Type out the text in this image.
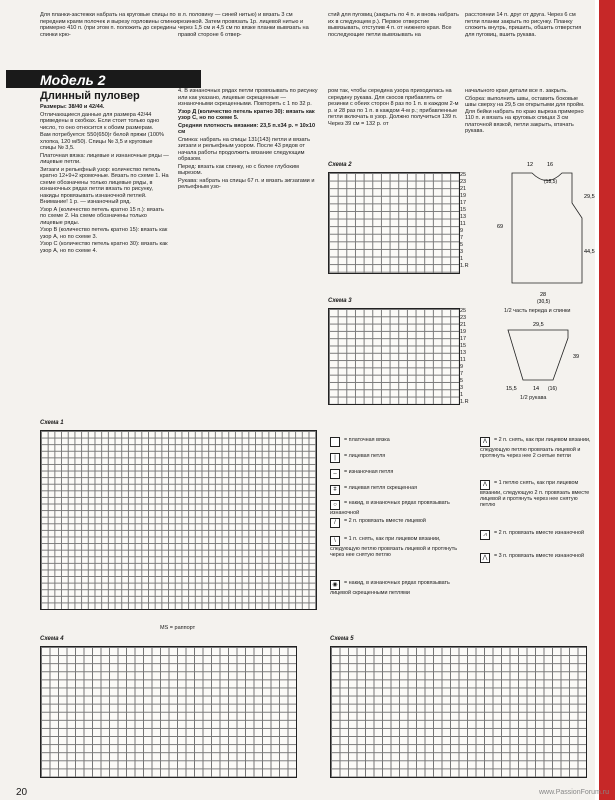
Для планки-застежки набрать на круговые спицы по передним краям полочек и вырезу горловины спинки примерно 410 п. (при этом п. положить до середины спинки крю-

Модель 2
Длинный пуловер

Размеры: 38/40 и 42/44.

Отличающиеся данные для размера 42/44 приведены в скобках. Если стоит только одно число, то оно относится к обоим размерам.

Вам потребуется: 550(650)г белой пряжи (100% хлопка, 120 м/50). Спицы № 3,5 и круговые спицы № 3,5.

Платочная вязка: лицевые и изнаночные ряды — лицевые петли.

Зигзаги и рельефный узор: количество петель кратно 12+9+2 кромочные. Вязать по схеме 1. На схеме обозначены только лицевые ряды, в изнаночных рядах петли вязать по рисунку, накиды провязывать изнаночной петлей. Внимание! 1 р. — изнаночный ряд.

Узор А (количество петель кратно 15 п.): вязать по схеме 2. На схеме обозначены только лицевые ряды.

Узор В (количество петель кратно 15): вязать как узор А, но по схеме 3.

Узор С (количество петель кратно 30): вязать как узор А, но по схеме 4.

в л. половину — синей нитью) и вязать 3 см резинкой. Затем провязать 1р. лицевой нитью и через 1,5 см и 4,5 см по вязке планки вывязать на правой стороне 6 отвер-

4. В изнаночных рядах петли провязывать по рисунку или как указано, лицевые скрещенные — изнаночными скрещенными. Повторять с 1 по 32 р.

Узор Д (количество петель кратно 30): вязать как узор С, но по схеме 5.

Средняя плотность вязания: 23,5 п.х34 р. = 10х10 см

Спинка: набрать на спицы 131(143) петли и вязать зигзаги и рельефным узором. После 43 рядов от начала работы продолжить вязание следующим образом.

Перед: вязать как спинку, но с более глубоким вырезом.

Рукава: набрать на спицы 67 п. и вязать зигзагами и рельефным узо-

стий для пуговиц (закрыть по 4 п. и вновь набрать их в следующем р.). Первое отверстие вывязывать, отступив 4 п. от нижнего края. Все последующие петли вывязывать на

ром так, чтобы середина узора приходилась на середину рукава. Для скосов прибавлять от резинки с обеих сторон 8 раз по 1 п. в каждом 2-м р. и 28 раз по 1 п. в каждом 4-м р.; прибавленные петли включать в узор. Должно получиться 139 п. Через 39 см = 132 р. от

расстоянии 14 п. друг от друга. Через 6 см петли планки закрыть по рисунку. Планку сложить внутрь, пришить, обшить отверстия для пуговиц, вшить рукава.

начального края детали все п. закрыть.

Сборка: выполнить швы, оставить боковые швы сверху на 29,5 см открытыми для пройм. Для бейки набрать по краю выреза примерно 110 п. и вязать на круговых спицах 3 см платочной вязкой, петли закрыть, втачать рукава.

Схема 2
25
23
21
19
17
15
13
11
9
7
5
3
1
1.R
Схема 3
25
23
21
19
17
15
13
11
9
7
5
3
1
1.R
12	16
(18,5)
29,5
69
44,5
28
(30,5)
1/2 часть переда и спинки
29,5
39
15,5	14 (16)
1/2 рукава
Схема 1
MS = раппорт
= платочная вязка
| = лицевая петля
– = изнаночная петля
ǂ = лицевая петля скрещенная
○ = накид, в изнаночных рядах провязывать изнаночной
/ = 2 п. провязать вместе лицевой
\ = 1 п. снять, как при лицевом вязании, следующую петлю провязать лицевой и протянуть через нее снятую петлю
◉ = накид, в изнаночных рядах провязывать лицевой скрещенными петлями
Λ = 2 п. снять, как при лицевом вязании, следующую петлю провязать лицевой и протянуть через нее 2 снятые петли
Ʌ = 1 петлю снять, как при лицевом вязании, следующую 2 п. провязать вместе лицевой и протянуть через нее снятую петлю
⩘ = 2 п. провязать вместе изнаночной
⋀ = 3 п. провязать вместе изнаночной
Схема 4	Схема 5
20	www.PassionForum.ru
